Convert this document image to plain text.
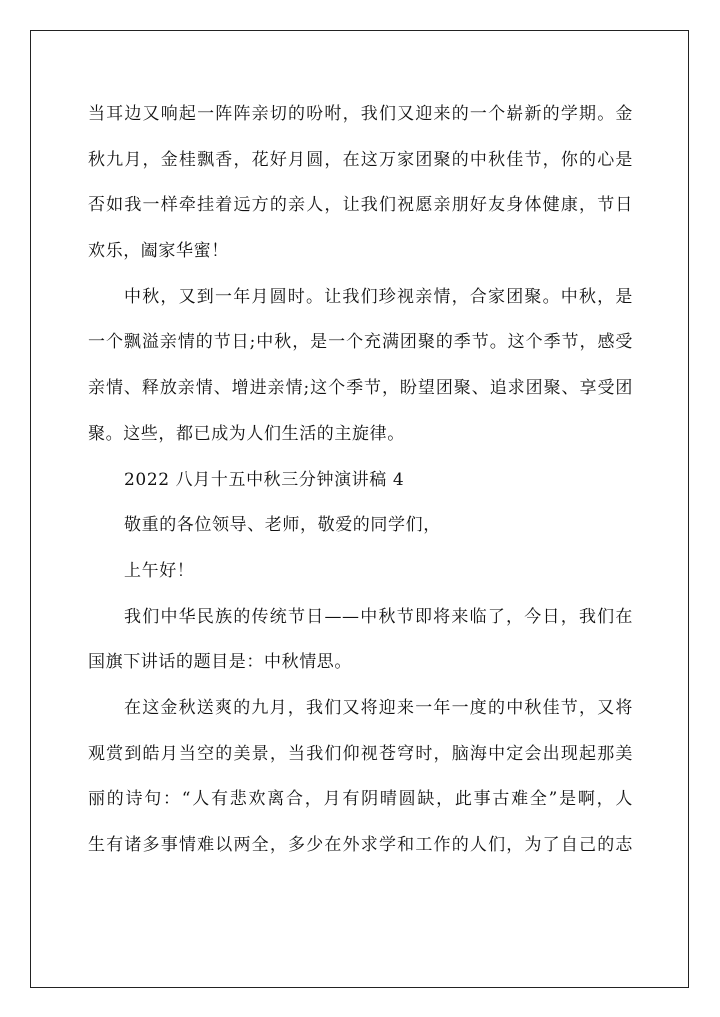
当耳边又响起一阵阵亲切的吩咐，我们又迎来的一个崭新的学期。金
秋九月，金桂飘香，花好月圆，在这万家团聚的中秋佳节，你的心是
否如我一样牵挂着远方的亲人，让我们祝愿亲朋好友身体健康，节日
欢乐，阖家华蜜！
中秋，又到一年月圆时。让我们珍视亲情，合家团聚。中秋，是
一个飘溢亲情的节日;中秋，是一个充满团聚的季节。这个季节，感受
亲情、释放亲情、增进亲情;这个季节，盼望团聚、追求团聚、享受团
聚。这些，都已成为人们生活的主旋律。
2022 八月十五中秋三分钟演讲稿 4
敬重的各位领导、老师，敬爱的同学们，
上午好！
我们中华民族的传统节日——中秋节即将来临了，今日，我们在
国旗下讲话的题目是：中秋情思。
在这金秋送爽的九月，我们又将迎来一年一度的中秋佳节，又将
观赏到皓月当空的美景，当我们仰视苍穹时，脑海中定会出现起那美
丽的诗句：“人有悲欢离合，月有阴晴圆缺，此事古难全”是啊，人
生有诸多事情难以两全，多少在外求学和工作的人们，为了自己的志
